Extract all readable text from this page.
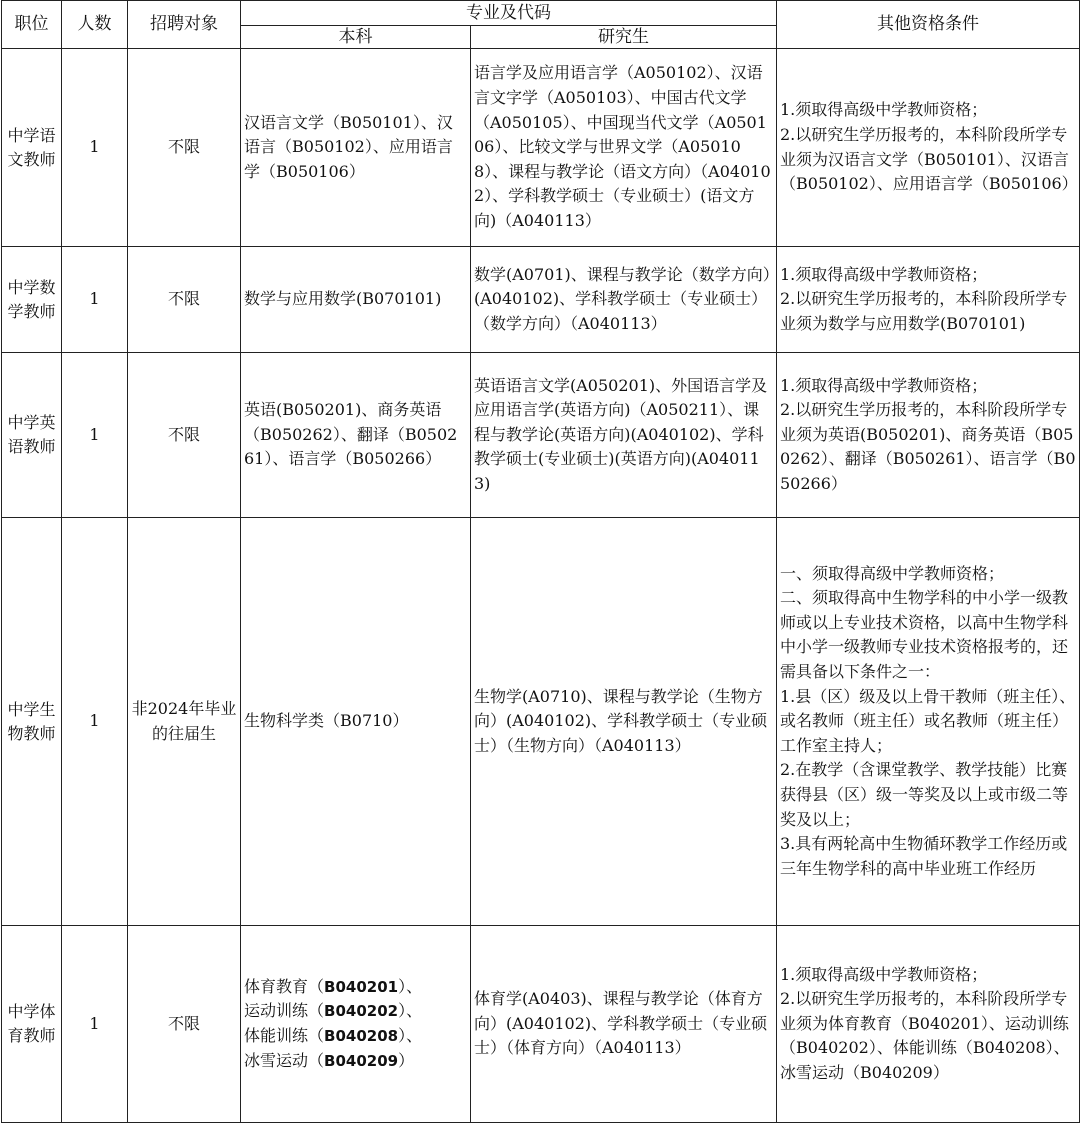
职位	人数	招聘对象	专业及代码		其他资格条件
			本科	研究生	
中学语文教师	1	不限	汉语言文学（B050101）、汉语言（B050102）、应用语言学（B050106）	语言学及应用语言学（A050102）、汉语言文字学（A050103）、中国古代文学（A050105）、中国现当代文学（A050106）、比较文学与世界文学（A050108）、课程与教学论（语文方向）（A040102）、学科教学硕士（专业硕士）(语文方向)（A040113）	1.须取得高级中学教师资格；
2.以研究生学历报考的，本科阶段所学专业须为汉语言文学（B050101）、汉语言（B050102）、应用语言学（B050106）

中学数学教师	1	不限	数学与应用数学(B070101)	数学(A0701)、课程与教学论（数学方向）(A040102)、学科教学硕士（专业硕士）（数学方向）（A040113）	1.须取得高级中学教师资格；
2.以研究生学历报考的，本科阶段所学专业须为数学与应用数学(B070101)

中学英语教师	1	不限	英语(B050201)、商务英语（B050262）、翻译（B050261）、语言学（B050266）	英语语言文学(A050201)、外国语言学及应用语言学(英语方向)（A050211）、课程与教学论(英语方向)(A040102)、学科教学硕士(专业硕士)(英语方向)(A040113)	1.须取得高级中学教师资格；
2.以研究生学历报考的，本科阶段所学专业须为英语(B050201)、商务英语（B050262）、翻译（B050261）、语言学（B050266）

中学生物教师	1	非2024年毕业的往届生	生物科学类（B0710）	生物学(A0710)、课程与教学论（生物方向）(A040102)、学科教学硕士（专业硕士）（生物方向）（A040113）	一、须取得高级中学教师资格；
二、须取得高中生物学科的中小学一级教师或以上专业技术资格，以高中生物学科中小学一级教师专业技术资格报考的，还需具备以下条件之一：
1.县（区）级及以上骨干教师（班主任）、或名教师（班主任）或名教师（班主任）工作室主持人；
2.在教学（含课堂教学、教学技能）比赛获得县（区）级一等奖及以上或市级二等奖及以上；
3.具有两轮高中生物循环教学工作经历或三年生物学科的高中毕业班工作经历

中学体育教师	1	不限	体育教育（B040201）、
运动训练（B040202）、
体能训练（B040208）、
冰雪运动（B040209）	体育学(A0403)、课程与教学论（体育方向）(A040102)、学科教学硕士（专业硕士）（体育方向）（A040113）	1.须取得高级中学教师资格；
2.以研究生学历报考的，本科阶段所学专业须为体育教育（B040201）、运动训练（B040202）、体能训练（B040208）、冰雪运动（B040209）
